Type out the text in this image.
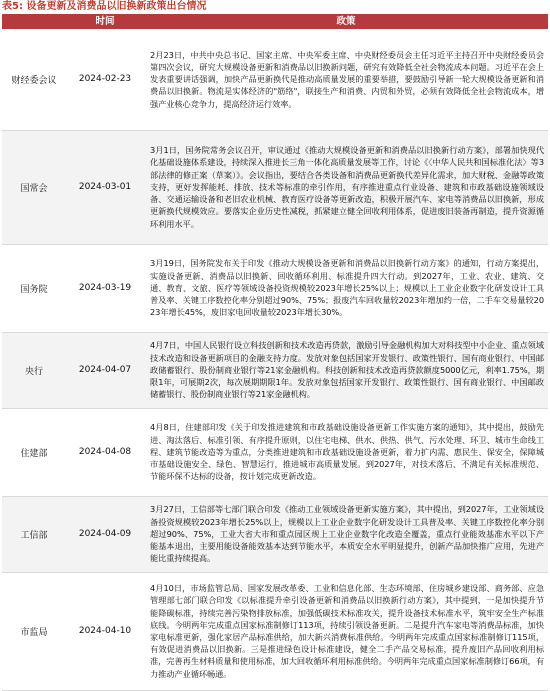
表5: 设备更新及消费品以旧换新政策出台情况
	时间	政策
财经委会议	2024-02-23	2月23日，中共中央总书记、国家主席、中央军委主席、中央财经委员会主任习近平主持召开中央财经委员会第四次会议，研究大规模设备更新和消费品以旧换新问题，研究有效降低全社会物流成本问题。习近平在会上发表重要讲话强调，加快产品更新换代是推动高质量发展的重要举措，要鼓励引导新一轮大规模设备更新和消费品以旧换新。物流是实体经济的"筋络"，联接生产和消费、内贸和外贸，必须有效降低全社会物流成本，增强产业核心竞争力，提高经济运行效率。
国常会	2024-03-01	3月1日，国务院常务会议召开，审议通过《推动大规模设备更新和消费品以旧换新行动方案》，部署加快现代化基础设施体系建设，持续深入推进长三角一体化高质量发展等工作，讨论《〈中华人民共和国标准化法〉等3部法律的修正案（草案）》。会议指出，要结合各类设备和消费品更新换代差异化需求，加大财税、金融等政策支持，更好发挥能耗、排放、技术等标准的牵引作用，有序推进重点行业设备、建筑和市政基础设施领域设备、交通运输设备和老旧农业机械、教育医疗设备等更新改造，积极开展汽车、家电等消费品以旧换新，形成更新换代规模效应。要落实企业历史性减税，抓紧建立健全回收利用体系，促进废旧装备再制造，提升资源循环利用水平。
国务院	2024-03-19	3月19日，国务院发布关于印发《推动大规模设备更新和消费品以旧换新行动方案》的通知，行动方案提出，实施设备更新、消费品以旧换新、回收循环利用、标准提升四大行动。到2027年，工业、农业、建筑、交通、教育、文旅、医疗等领域设备投资规模较2023年增长25%以上；规模以上工业企业数字化研发设计工具普及率、关键工序数控化率分别超过90%、75%；报废汽车回收量较2023年增加约一倍，二手车交易量较2023年增长45%，废旧家电回收量较2023年增长30%。
央行	2024-04-07	4月7日，中国人民银行设立科技创新和技术改造再贷款，激励引导金融机构加大对科技型中小企业、重点领域技术改造和设备更新项目的金融支持力度。发放对象包括国家开发银行、政策性银行、国有商业银行、中国邮政储蓄银行、股份制商业银行等21家金融机构。科技创新和技术改造再贷款额度5000亿元，利率1.75%，期限1年，可展期2次，每次展期期限1年。发放对象包括国家开发银行、政策性银行、国有商业银行、中国邮政储蓄银行、股份制商业银行等21家金融机构。
住建部	2024-04-08	4月8日，住建部印发《关于印发推进建筑和市政基础设施设备更新工作实施方案的通知》，其中提出，鼓励先进、淘汰落后、标准引领、有序提升原则，以住宅电梯、供水、供热、供气、污水处理、环卫、城市生命线工程、建筑节能改造等为重点，分类推进建筑和市政基础设施设备更新，着力扩内需、惠民生、保安全，保障城市基础设施安全、绿色、智慧运行，推进城市高质量发展。到2027年，对技术落后、不满足有关标准规范、节能环保不达标的设备，按计划完成更新改造。
工信部	2024-04-09	3月27日，工信部等七部门联合印发《推动工业领域设备更新实施方案》，其中提出，到2027年，工业领域设备投资规模较2023年增长25%以上，规模以上工业企业数字化研发设计工具普及率、关键工序数控化率分别超过90%、75%，工业大省大市和重点园区规上工业企业数字化改造全覆盖，重点行业能效基准水平以下产能基本退出，主要用能设备能效基本达到节能水平，本质安全水平明显提升，创新产品加快推广应用，先进产能比重持续提高。
市监局	2024-04-10	4月10日，市场监管总局、国家发展改革委、工业和信息化部、生态环境部、住房城乡建设部、商务部、应急管理部七部门联合印发《以标准提升牵引设备更新和消费品以旧换新行动方案》，其中提到，一是加快提升节能降碳标准，持续完善污染物排放标准，加强低碳技术标准攻关，提升设备技术标准水平，筑牢安全生产标准底线。今明两年完成重点国家标准制修订113项，持续引领设备更新。二是提升汽车家电等消费品标准，加快家电标准更新，强化家居产品标准供给，加大新兴消费标准供给。今明两年完成重点国家标准制修订115项，有效促进消费品以旧换新。三是推进绿色设计标准建设，健全二手产品交易标准，提升废旧产品回收利用标准，完善再生材料质量和使用标准，加大回收循环利用标准供给。今明两年完成重点国家标准制修订66项，有力推动产业循环畅通。
